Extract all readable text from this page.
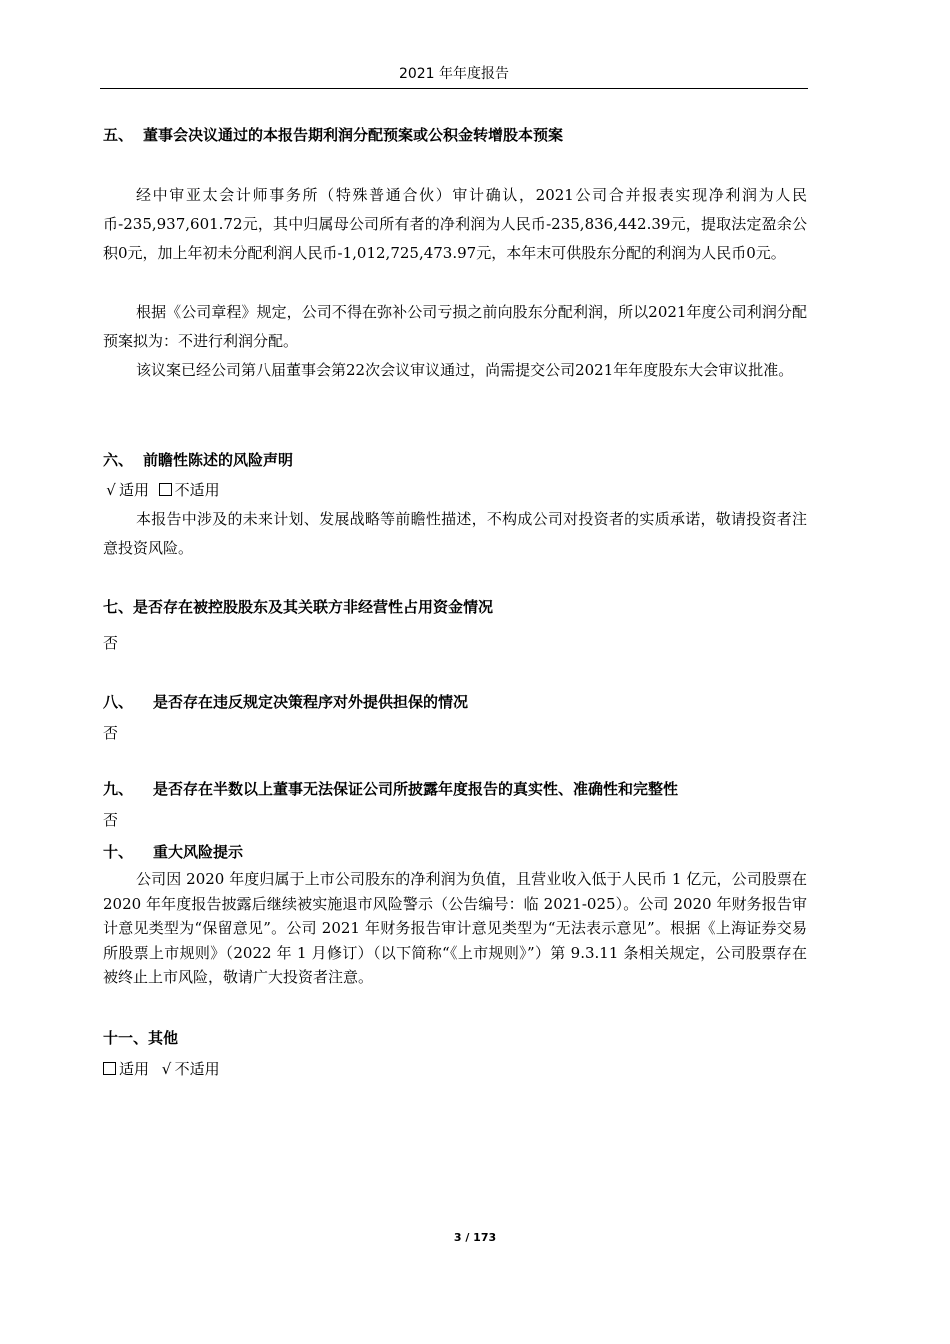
2021 年年度报告
五、 董事会决议通过的本报告期利润分配预案或公积金转增股本预案
经中审亚太会计师事务所（特殊普通合伙）审计确认，2021公司合并报表实现净利润为人民币-235,937,601.72元，其中归属母公司所有者的净利润为人民币-235,836,442.39元，提取法定盈余公积0元，加上年初未分配利润人民币-1,012,725,473.97元，本年末可供股东分配的利润为人民币0元。
根据《公司章程》规定，公司不得在弥补公司亏损之前向股东分配利润，所以2021年度公司利润分配预案拟为：不进行利润分配。
该议案已经公司第八届董事会第22次会议审议通过，尚需提交公司2021年年度股东大会审议批准。
六、 前瞻性陈述的风险声明
√ 适用 不适用
本报告中涉及的未来计划、发展战略等前瞻性描述，不构成公司对投资者的实质承诺，敬请投资者注意投资风险。
七、是否存在被控股股东及其关联方非经营性占用资金情况
否
八、 是否存在违反规定决策程序对外提供担保的情况
否
九、 是否存在半数以上董事无法保证公司所披露年度报告的真实性、准确性和完整性
否
十、 重大风险提示
公司因 2020 年度归属于上市公司股东的净利润为负值，且营业收入低于人民币 1 亿元，公司股票在 2020 年年度报告披露后继续被实施退市风险警示（公告编号：临 2021-025）。公司 2020 年财务报告审计意见类型为“保留意见”。公司 2021 年财务报告审计意见类型为“无法表示意见”。根据《上海证券交易所股票上市规则》（2022 年 1 月修订）（以下简称“《上市规则》”）第 9.3.11 条相关规定，公司股票存在被终止上市风险，敬请广大投资者注意。
十一、其他
适用 √ 不适用
3 / 173
